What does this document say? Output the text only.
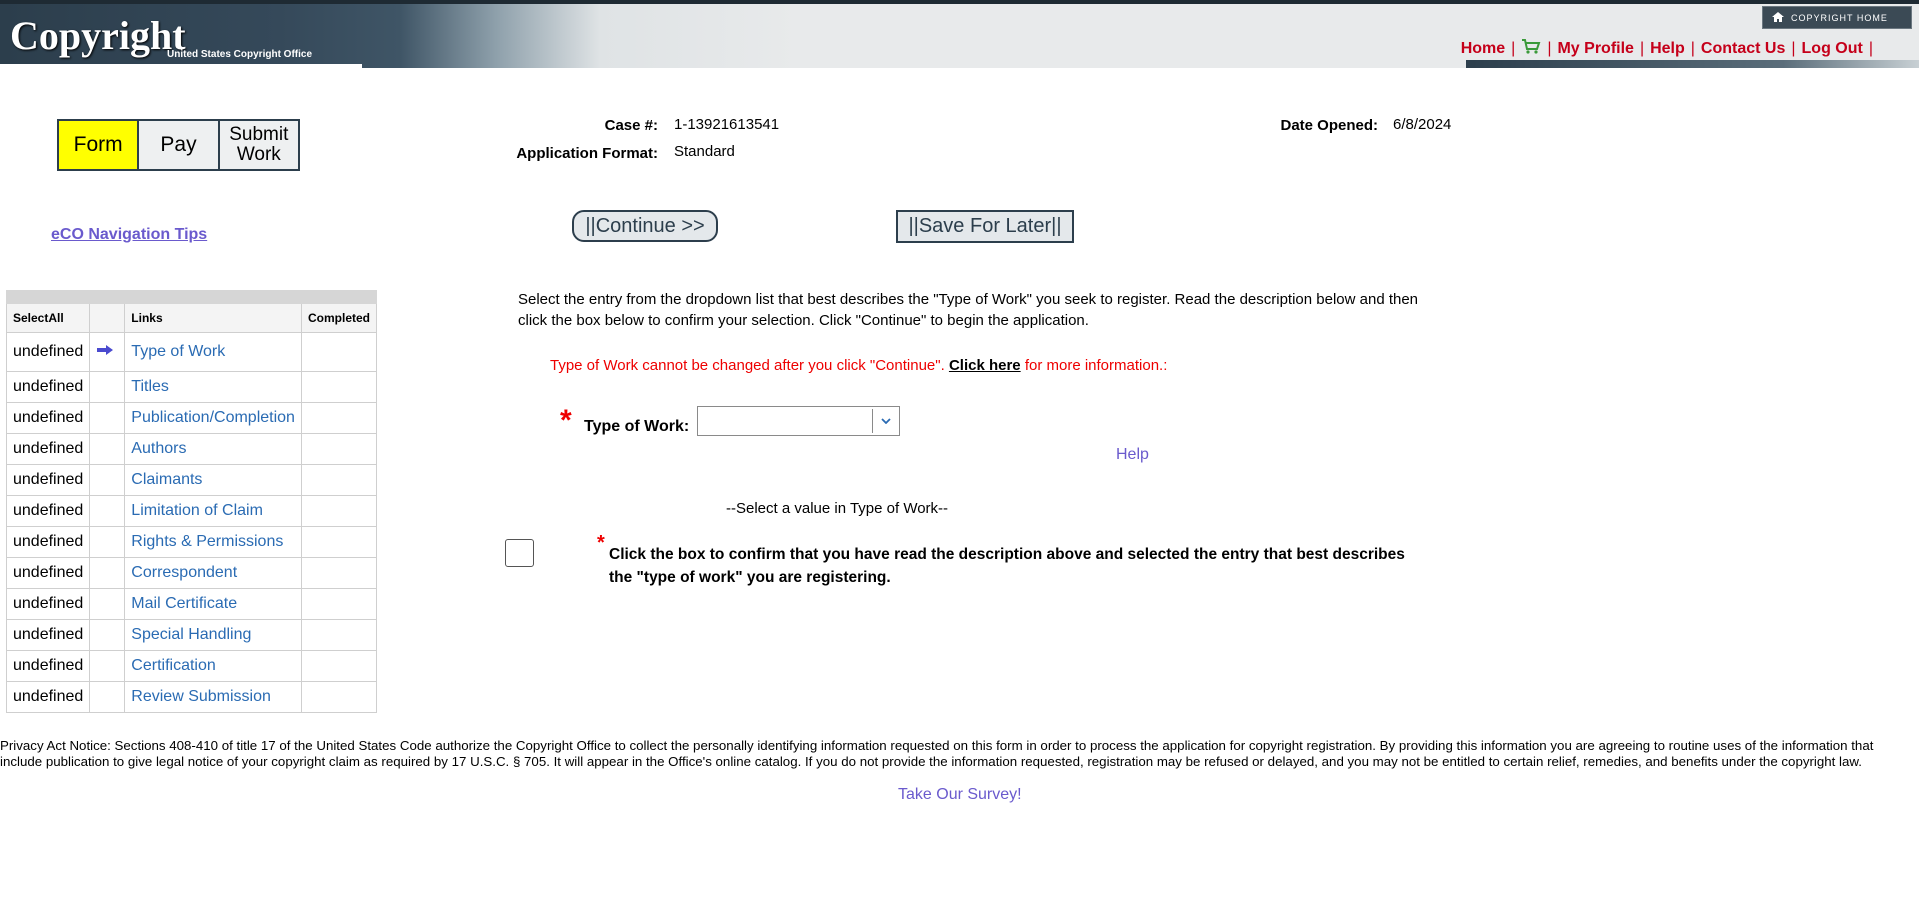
Copyright
United States Copyright Office
COPYRIGHT HOME
Home | | My Profile | Help | Contact Us | Log Out |
Form	Pay	Submit Work
eCO Navigation Tips
Case #: 1-13921613541
Application Format: Standard
Date Opened: 6/8/2024
||Continue >>	||Save For Later||

SelectAll		Links	Completed
undefined		Type of Work	
undefined		Titles	
undefined		Publication/Completion	
undefined		Authors	
undefined		Claimants	
undefined		Limitation of Claim	
undefined		Rights & Permissions	
undefined		Correspondent	
undefined		Mail Certificate	
undefined		Special Handling	
undefined		Certification	
undefined		Review Submission	
Select the entry from the dropdown list that best describes the "Type of Work" you seek to register. Read the description below and then click the box below to confirm your selection. Click "Continue" to begin the application.
Type of Work cannot be changed after you click "Continue". Click here for more information.:
* Type of Work:
Help
--Select a value in Type of Work--
*
Click the box to confirm that you have read the description above and selected the entry that best describes the "type of work" you are registering.
Privacy Act Notice: Sections 408-410 of title 17 of the United States Code authorize the Copyright Office to collect the personally identifying information requested on this form in order to process the application for copyright registration. By providing this information you are agreeing to routine uses of the information that include publication to give legal notice of your copyright claim as required by 17 U.S.C. § 705. It will appear in the Office's online catalog. If you do not provide the information requested, registration may be refused or delayed, and you may not be entitled to certain relief, remedies, and benefits under the copyright law.
Take Our Survey!
